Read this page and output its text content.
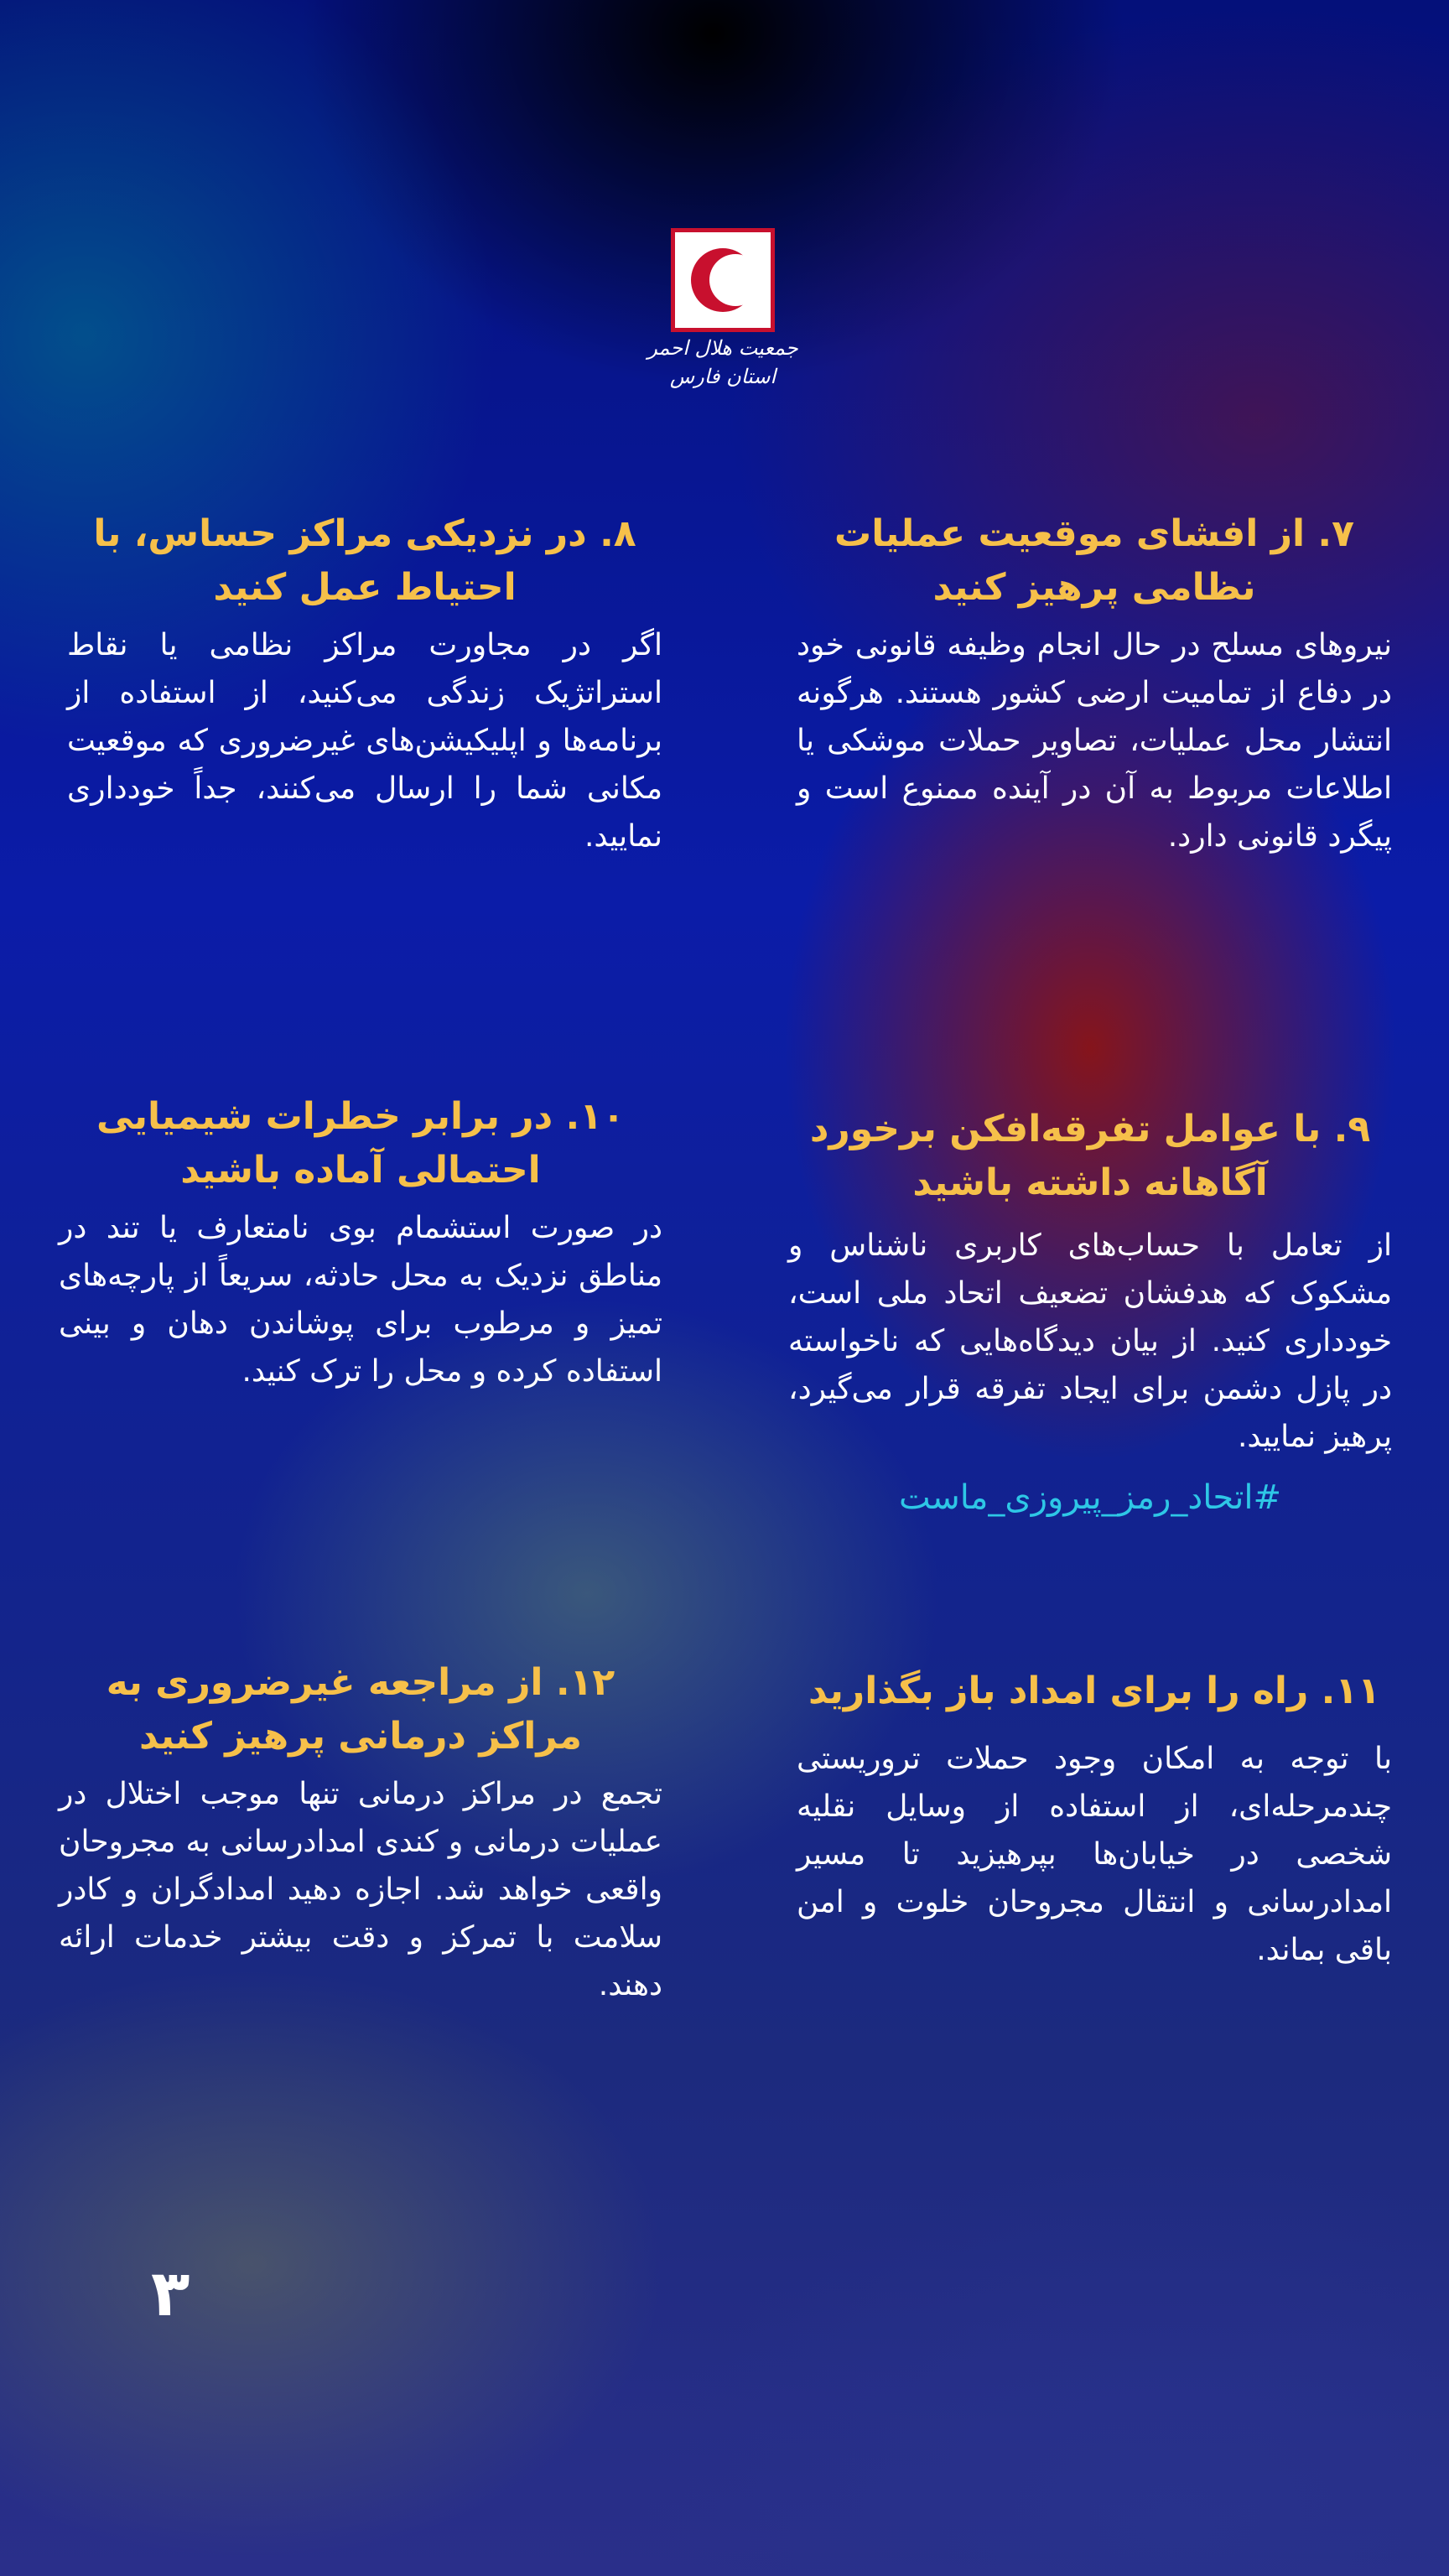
جمعیت هلال احمر
استان فارس
۷. از افشای موقعیت عملیات نظامی پرهیز کنید

نیروهای مسلح در حال انجام وظیفه قانونی خود در دفاع از تمامیت ارضی کشور هستند. هرگونه انتشار محل عملیات، تصاویر حملات موشکی یا اطلاعات مربوط به آن در آینده ممنوع است و پیگرد قانونی دارد.

۸. در نزدیکی مراکز حساس، با احتیاط عمل کنید

اگر در مجاورت مراکز نظامی یا نقاط استراتژیک زندگی می‌کنید، از استفاده از برنامه‌ها و اپلیکیشن‌های غیرضروری که موقعیت مکانی شما را ارسال می‌کنند، جداً خودداری نمایید.

۹. با عوامل تفرقه‌افکن برخورد آگاهانه داشته باشید

از تعامل با حساب‌های کاربری ناشناس و مشکوک که هدفشان تضعیف اتحاد ملی است، خودداری کنید. از بیان دیدگاه‌هایی که ناخواسته در پازل دشمن برای ایجاد تفرقه قرار می‌گیرد، پرهیز نمایید.

#اتحاد_رمز_پیروزی_ماست
۱۰. در برابر خطرات شیمیایی احتمالی آماده باشید

در صورت استشمام بوی نامتعارف یا تند در مناطق نزدیک به محل حادثه، سریعاً از پارچه‌های تمیز و مرطوب برای پوشاندن دهان و بینی استفاده کرده و محل را ترک کنید.

۱۱. راه را برای امداد باز بگذارید

با توجه به امکان وجود حملات تروریستی چندمرحله‌ای، از استفاده از وسایل نقلیه شخصی در خیابان‌ها بپرهیزید تا مسیر امدادرسانی و انتقال مجروحان خلوت و امن باقی بماند.

۱۲. از مراجعه غیرضروری به مراکز درمانی پرهیز کنید

تجمع در مراکز درمانی تنها موجب اختلال در عملیات درمانی و کندی امدادرسانی به مجروحان واقعی خواهد شد. اجازه دهید امدادگران و کادر سلامت با تمرکز و دقت بیشتر خدمات ارائه دهند.

۳
